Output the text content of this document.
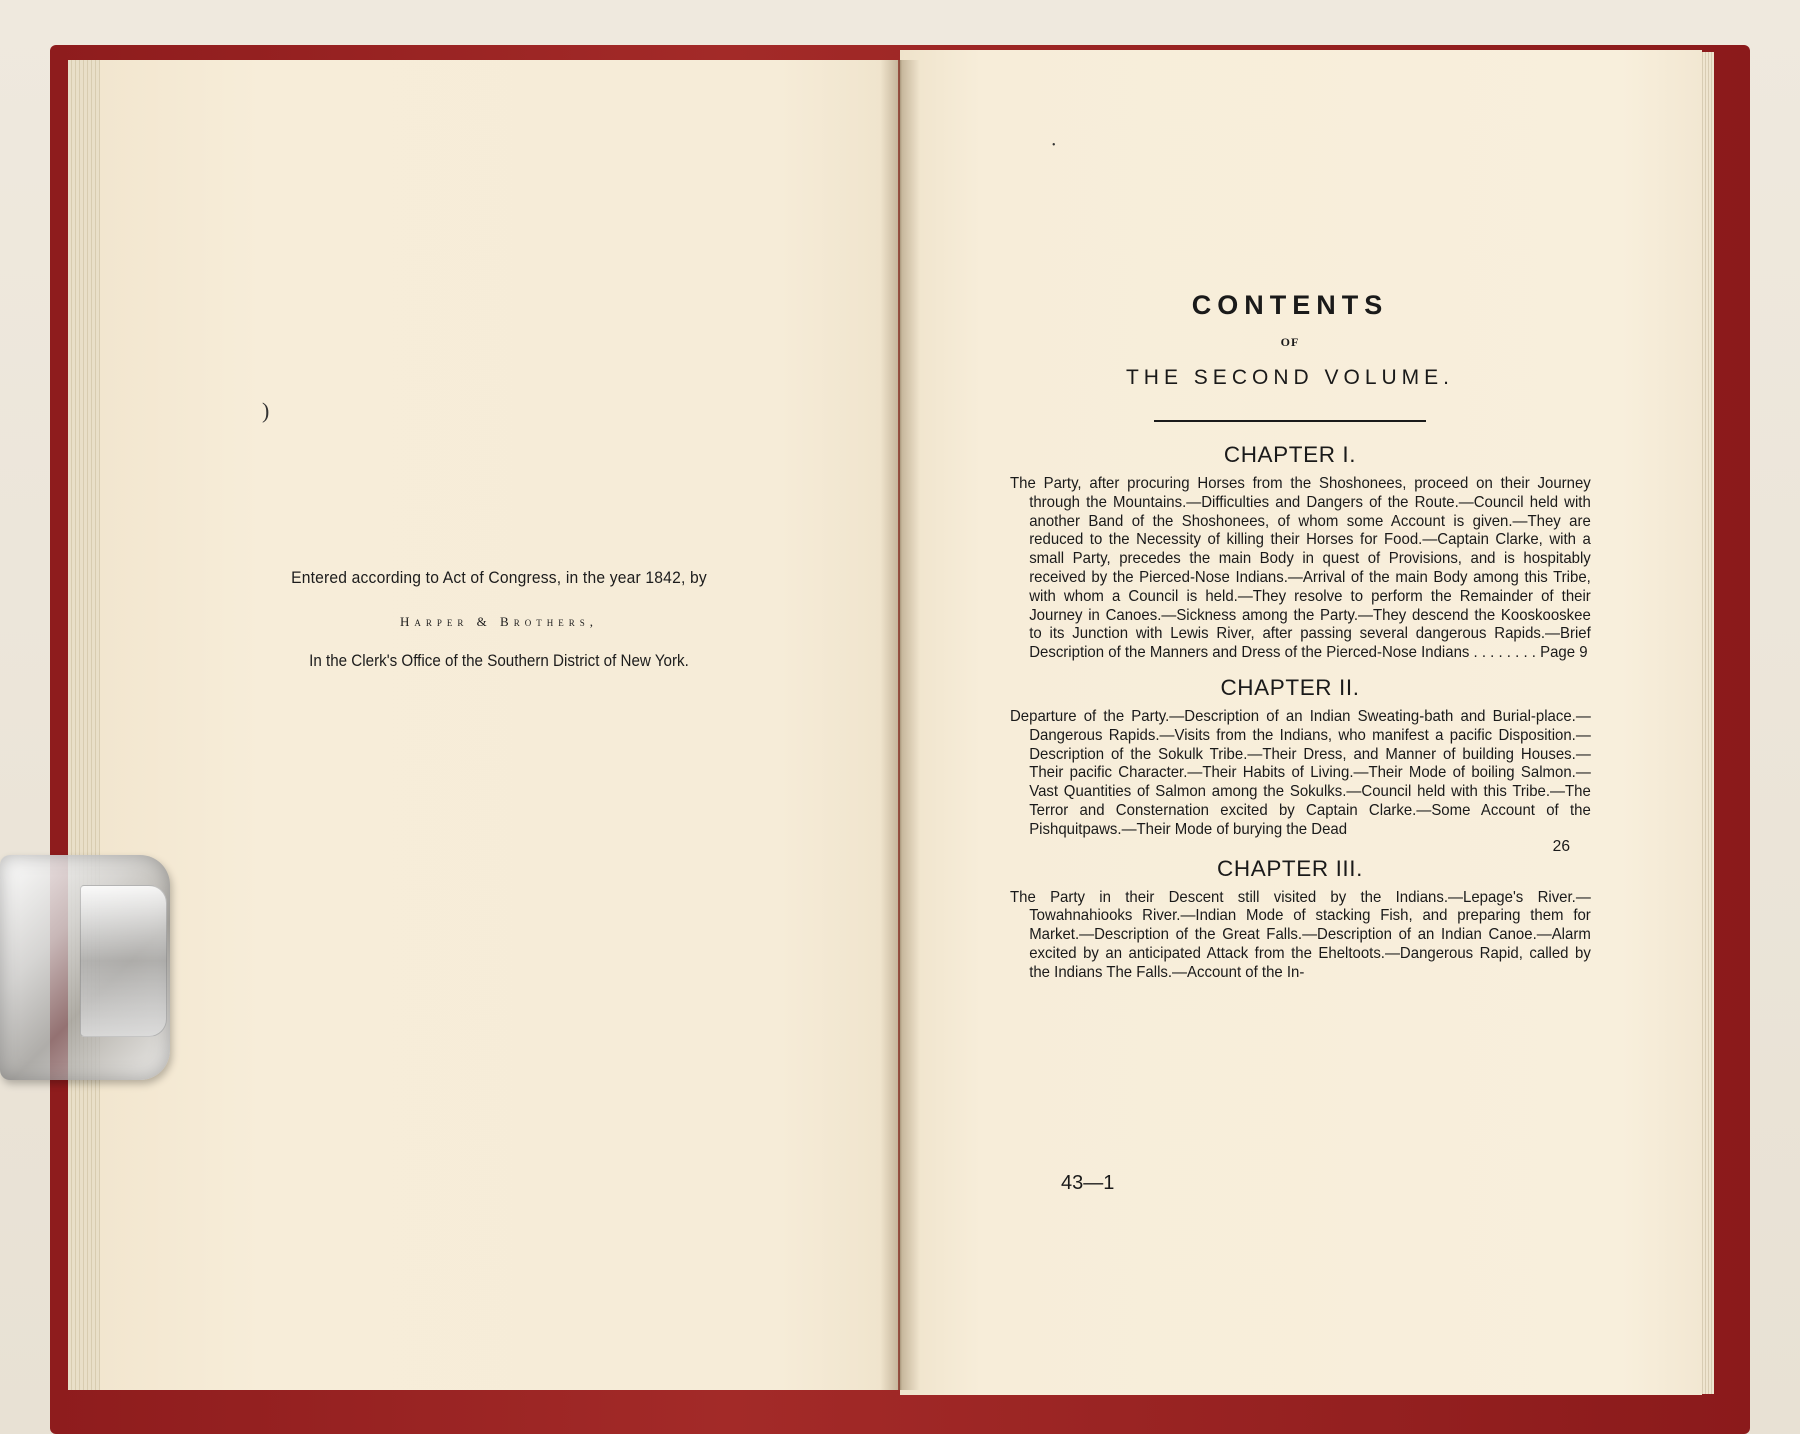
)
•
Entered according to Act of Congress, in the year 1842, by
Harper & Brothers,
In the Clerk's Office of the Southern District of New York.
CONTENTS
OF
THE SECOND VOLUME.
CHAPTER I.
The Party, after procuring Horses from the Shoshonees, proceed on their Journey through the Mountains.—Difficulties and Dangers of the Route.—Council held with another Band of the Shoshonees, of whom some Account is given.—They are reduced to the Necessity of killing their Horses for Food.—Captain Clarke, with a small Party, precedes the main Body in quest of Provisions, and is hospitably received by the Pierced-Nose Indians.—Arrival of the main Body among this Tribe, with whom a Council is held.—They resolve to perform the Remainder of their Journey in Canoes.—Sickness among the Party.—They descend the Kooskooskee to its Junction with Lewis River, after passing several dangerous Rapids.—Brief Description of the Manners and Dress of the Pierced-Nose Indians . . . . . . . . Page 9
CHAPTER II.
Departure of the Party.—Description of an Indian Sweating-bath and Burial-place.—Dangerous Rapids.—Visits from the Indians, who manifest a pacific Disposition.—Description of the Sokulk Tribe.—Their Dress, and Manner of building Houses.—Their pacific Character.—Their Habits of Living.—Their Mode of boiling Salmon.—Vast Quantities of Salmon among the Sokulks.—Council held with this Tribe.—The Terror and Consternation excited by Captain Clarke.—Some Account of the Pishquitpaws.—Their Mode of burying the Dead
26
CHAPTER III.
The Party in their Descent still visited by the Indians.—Lepage's River.—Towahnahiooks River.—Indian Mode of stacking Fish, and preparing them for Market.—Description of the Great Falls.—Description of an Indian Canoe.—Alarm excited by an anticipated Attack from the Eheltoots.—Dangerous Rapid, called by the Indians The Falls.—Account of the In-
43—1
